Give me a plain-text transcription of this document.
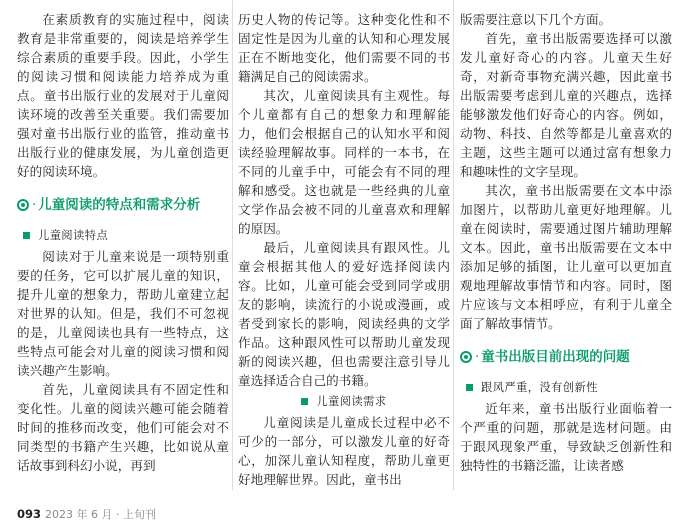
在素质教育的实施过程中，阅读教育是非常重要的，阅读是培养学生综合素质的重要手段。因此，小学生的阅读习惯和阅读能力培养成为重点。童书出版行业的发展对于儿童阅读环境的改善至关重要。我们需要加强对童书出版行业的监管，推动童书出版行业的健康发展，为儿童创造更好的阅读环境。

· 儿童阅读的特点和需求分析
儿童阅读特点

阅读对于儿童来说是一项特别重要的任务，它可以扩展儿童的知识，提升儿童的想象力，帮助儿童建立起对世界的认知。但是，我们不可忽视的是，儿童阅读也具有一些特点，这些特点可能会对儿童的阅读习惯和阅读兴趣产生影响。

首先，儿童阅读具有不固定性和变化性。儿童的阅读兴趣可能会随着时间的推移而改变，他们可能会对不同类型的书籍产生兴趣，比如说从童话故事到科幻小说，再到

历史人物的传记等。这种变化性和不固定性是因为儿童的认知和心理发展正在不断地变化，他们需要不同的书籍满足自己的阅读需求。

其次，儿童阅读具有主观性。每个儿童都有自己的想象力和理解能力，他们会根据自己的认知水平和阅读经验理解故事。同样的一本书，在不同的儿童手中，可能会有不同的理解和感受。这也就是一些经典的儿童文学作品会被不同的儿童喜欢和理解的原因。

最后，儿童阅读具有跟风性。儿童会根据其他人的爱好选择阅读内容。比如，儿童可能会受到同学或朋友的影响，读流行的小说或漫画，或者受到家长的影响，阅读经典的文学作品。这种跟风性可以帮助儿童发现新的阅读兴趣，但也需要注意引导儿童选择适合自己的书籍。

儿童阅读需求

儿童阅读是儿童成长过程中必不可少的一部分，可以激发儿童的好奇心，加深儿童认知程度，帮助儿童更好地理解世界。因此，童书出

版需要注意以下几个方面。

首先，童书出版需要选择可以激发儿童好奇心的内容。儿童天生好奇，对新奇事物充满兴趣，因此童书出版需要考虑到儿童的兴趣点，选择能够激发他们好奇心的内容。例如，动物、科技、自然等都是儿童喜欢的主题，这些主题可以通过富有想象力和趣味性的文字呈现。

其次，童书出版需要在文本中添加图片，以帮助儿童更好地理解。儿童在阅读时，需要通过图片辅助理解文本。因此，童书出版需要在文本中添加足够的插图，让儿童可以更加直观地理解故事情节和内容。同时，图片应该与文本相呼应，有利于儿童全面了解故事情节。

· 童书出版目前出现的问题
跟风严重，没有创新性

近年来，童书出版行业面临着一个严重的问题，那就是选材问题。由于跟风现象严重，导致缺乏创新性和独特性的书籍泛滥，让读者感

093 2023 年 6 月 · 上旬刊
